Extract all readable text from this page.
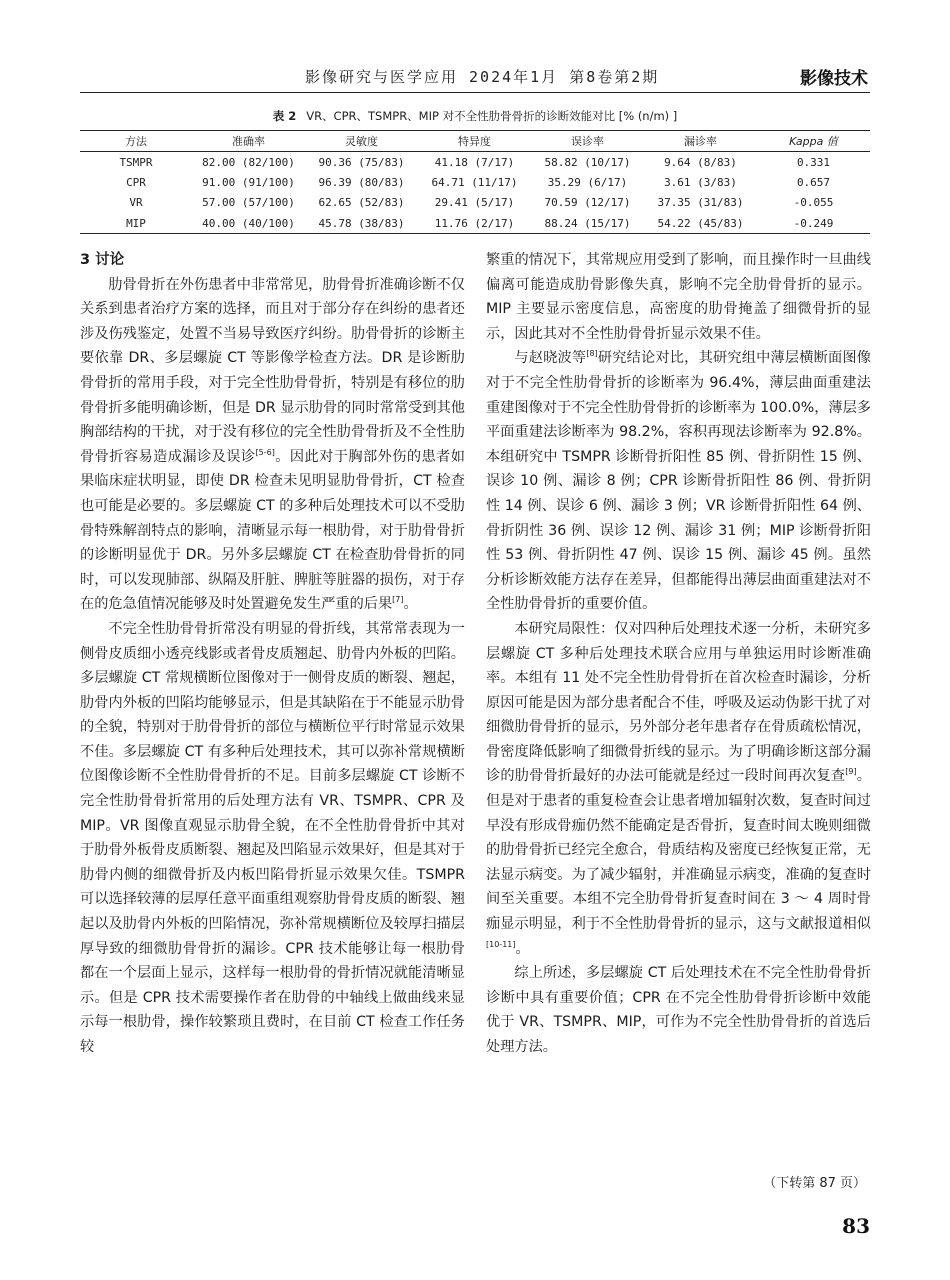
影像研究与医学应用 2024年1月 第8卷第2期	影像技术
表 2 VR、CPR、TSMPR、MIP 对不全性肋骨骨折的诊断效能对比 [% (n/m) ]
方法	准确率	灵敏度	特异度	误诊率	漏诊率	Kappa 值
TSMPR	82.00 (82/100)	90.36 (75/83)	41.18 (7/17)	58.82 (10/17)	9.64 (8/83)	0.331
CPR	91.00 (91/100)	96.39 (80/83)	64.71 (11/17)	35.29 (6/17)	3.61 (3/83)	0.657
VR	57.00 (57/100)	62.65 (52/83)	29.41 (5/17)	70.59 (12/17)	37.35 (31/83)	-0.055
MIP	40.00 (40/100)	45.78 (38/83)	11.76 (2/17)	88.24 (15/17)	54.22 (45/83)	-0.249
3 讨论

肋骨骨折在外伤患者中非常常见，肋骨骨折准确诊断不仅关系到患者治疗方案的选择，而且对于部分存在纠纷的患者还涉及伤残鉴定，处置不当易导致医疗纠纷。肋骨骨折的诊断主要依靠 DR、多层螺旋 CT 等影像学检查方法。DR 是诊断肋骨骨折的常用手段，对于完全性肋骨骨折，特别是有移位的肋骨骨折多能明确诊断，但是 DR 显示肋骨的同时常常受到其他胸部结构的干扰，对于没有移位的完全性肋骨骨折及不全性肋骨骨折容易造成漏诊及误诊[5-6]。因此对于胸部外伤的患者如果临床症状明显，即使 DR 检查未见明显肋骨骨折，CT 检查也可能是必要的。多层螺旋 CT 的多种后处理技术可以不受肋骨特殊解剖特点的影响，清晰显示每一根肋骨，对于肋骨骨折的诊断明显优于 DR。另外多层螺旋 CT 在检查肋骨骨折的同时，可以发现肺部、纵隔及肝脏、脾脏等脏器的损伤，对于存在的危急值情况能够及时处置避免发生严重的后果[7]。

不完全性肋骨骨折常没有明显的骨折线，其常常表现为一侧骨皮质细小透亮线影或者骨皮质翘起、肋骨内外板的凹陷。多层螺旋 CT 常规横断位图像对于一侧骨皮质的断裂、翘起，肋骨内外板的凹陷均能够显示，但是其缺陷在于不能显示肋骨的全貌，特别对于肋骨骨折的部位与横断位平行时常显示效果不佳。多层螺旋 CT 有多种后处理技术，其可以弥补常规横断位图像诊断不全性肋骨骨折的不足。目前多层螺旋 CT 诊断不完全性肋骨骨折常用的后处理方法有 VR、TSMPR、CPR 及 MIP。VR 图像直观显示肋骨全貌，在不全性肋骨骨折中其对于肋骨外板骨皮质断裂、翘起及凹陷显示效果好，但是其对于肋骨内侧的细微骨折及内板凹陷骨折显示效果欠佳。TSMPR 可以选择较薄的层厚任意平面重组观察肋骨骨皮质的断裂、翘起以及肋骨内外板的凹陷情况，弥补常规横断位及较厚扫描层厚导致的细微肋骨骨折的漏诊。CPR 技术能够让每一根肋骨都在一个层面上显示，这样每一根肋骨的骨折情况就能清晰显示。但是 CPR 技术需要操作者在肋骨的中轴线上做曲线来显示每一根肋骨，操作较繁琐且费时，在目前 CT 检查工作任务较

繁重的情况下，其常规应用受到了影响，而且操作时一旦曲线偏离可能造成肋骨影像失真，影响不完全肋骨骨折的显示。MIP 主要显示密度信息，高密度的肋骨掩盖了细微骨折的显示，因此其对不全性肋骨骨折显示效果不佳。

与赵晓波等[8]研究结论对比，其研究组中薄层横断面图像对于不完全性肋骨骨折的诊断率为 96.4%，薄层曲面重建法重建图像对于不完全性肋骨骨折的诊断率为 100.0%，薄层多平面重建法诊断率为 98.2%，容积再现法诊断率为 92.8%。本组研究中 TSMPR 诊断骨折阳性 85 例、骨折阴性 15 例、误诊 10 例、漏诊 8 例；CPR 诊断骨折阳性 86 例、骨折阴性 14 例、误诊 6 例、漏诊 3 例；VR 诊断骨折阳性 64 例、骨折阴性 36 例、误诊 12 例、漏诊 31 例；MIP 诊断骨折阳性 53 例、骨折阴性 47 例、误诊 15 例、漏诊 45 例。虽然分析诊断效能方法存在差异，但都能得出薄层曲面重建法对不全性肋骨骨折的重要价值。

本研究局限性：仅对四种后处理技术逐一分析，未研究多层螺旋 CT 多种后处理技术联合应用与单独运用时诊断准确率。本组有 11 处不完全性肋骨骨折在首次检查时漏诊，分析原因可能是因为部分患者配合不佳，呼吸及运动伪影干扰了对细微肋骨骨折的显示，另外部分老年患者存在骨质疏松情况，骨密度降低影响了细微骨折线的显示。为了明确诊断这部分漏诊的肋骨骨折最好的办法可能就是经过一段时间再次复查[9]。但是对于患者的重复检查会让患者增加辐射次数，复查时间过早没有形成骨痂仍然不能确定是否骨折，复查时间太晚则细微的肋骨骨折已经完全愈合，骨质结构及密度已经恢复正常，无法显示病变。为了减少辐射，并准确显示病变，准确的复查时间至关重要。本组不完全肋骨骨折复查时间在 3 ～ 4 周时骨痂显示明显，利于不全性肋骨骨折的显示，这与文献报道相似[10-11]。

综上所述，多层螺旋 CT 后处理技术在不完全性肋骨骨折诊断中具有重要价值；CPR 在不完全性肋骨骨折诊断中效能优于 VR、TSMPR、MIP，可作为不完全性肋骨骨折的首选后处理方法。

（下转第 87 页）
83
